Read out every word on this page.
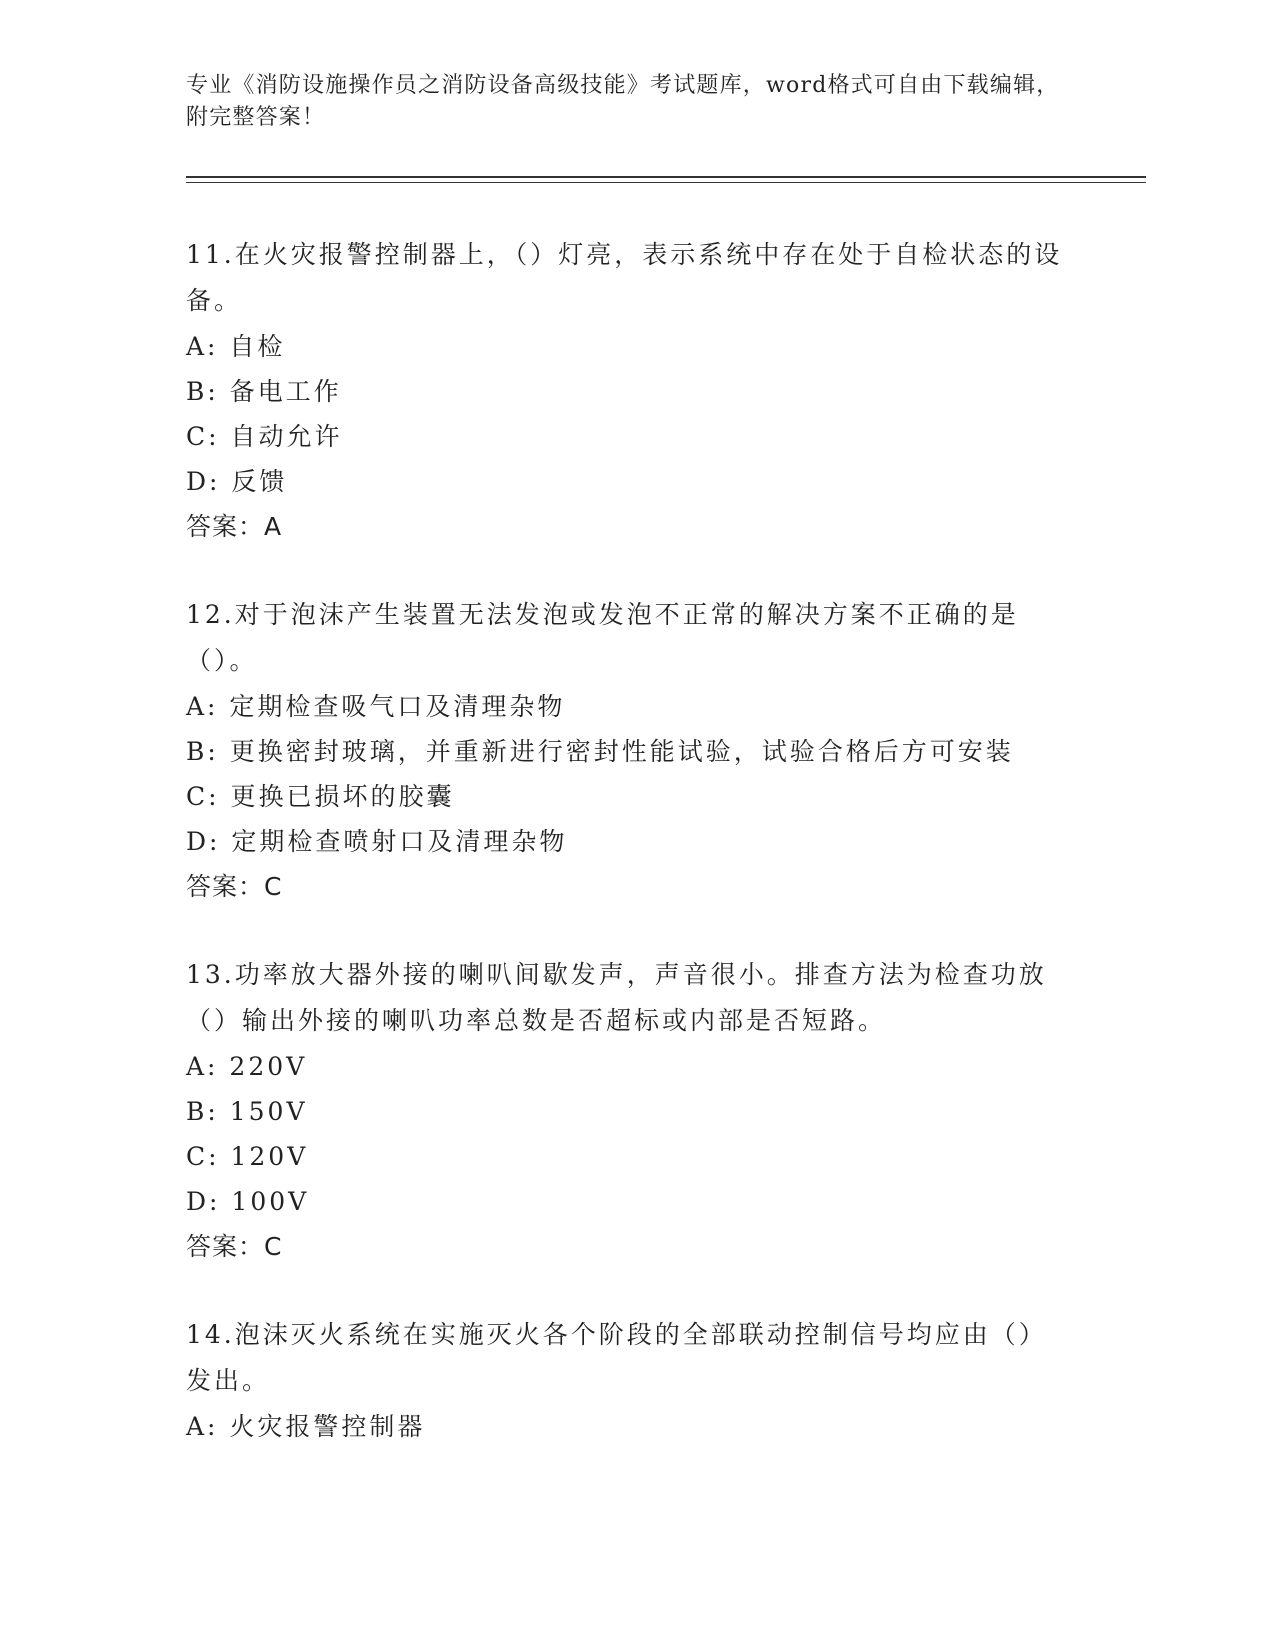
专业《消防设施操作员之消防设备高级技能》考试题库，word格式可自由下载编辑，附完整答案！

11.在火灾报警控制器上，（）灯亮，表示系统中存在处于自检状态的设备。

A: 自检

B: 备电工作

C: 自动允许

D: 反馈

答案：A

12.对于泡沫产生装置无法发泡或发泡不正常的解决方案不正确的是（）。

A: 定期检查吸气口及清理杂物

B: 更换密封玻璃，并重新进行密封性能试验，试验合格后方可安装

C: 更换已损坏的胶囊

D: 定期检查喷射口及清理杂物

答案：C

13.功率放大器外接的喇叭间歇发声，声音很小。排查方法为检查功放（）输出外接的喇叭功率总数是否超标或内部是否短路。

A: 220V

B: 150V

C: 120V

D: 100V

答案：C

14.泡沫灭火系统在实施灭火各个阶段的全部联动控制信号均应由（）发出。

A: 火灾报警控制器
